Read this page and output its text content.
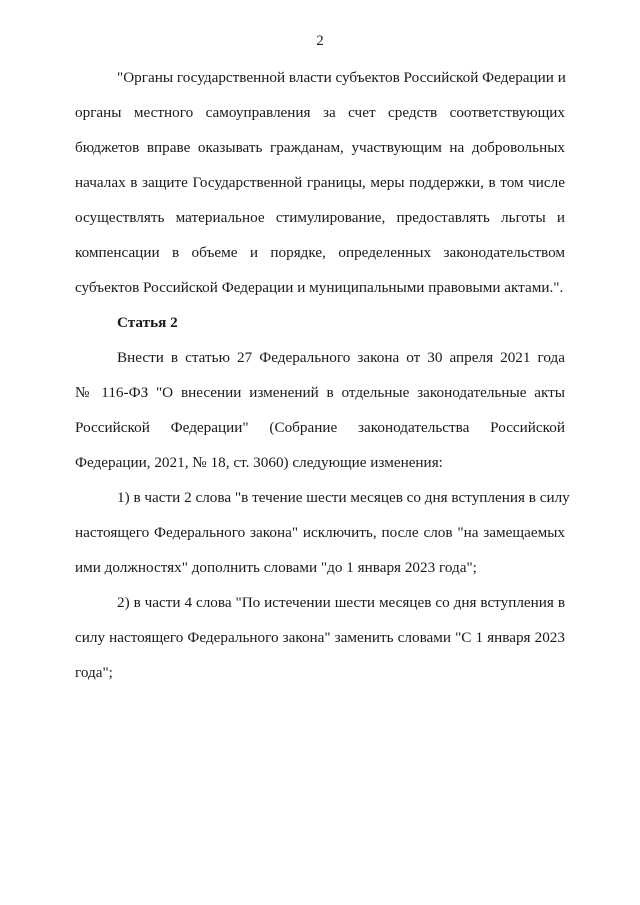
2
"Органы государственной власти субъектов Российской Федерации и
органы местного самоуправления за счет средств соответствующих
бюджетов вправе оказывать гражданам, участвующим на добровольных
началах в защите Государственной границы, меры поддержки, в том числе
осуществлять материальное стимулирование, предоставлять льготы и
компенсации в объеме и порядке, определенных законодательством
субъектов Российской Федерации и муниципальными правовыми актами.".
Статья 2
Внести в статью 27 Федерального закона от 30 апреля 2021 года
№ 116-ФЗ "О внесении изменений в отдельные законодательные акты
Российской Федерации" (Собрание законодательства Российской
Федерации, 2021, № 18, ст. 3060) следующие изменения:
1) в части 2 слова "в течение шести месяцев со дня вступления в силу
настоящего Федерального закона" исключить, после слов "на замещаемых
ими должностях" дополнить словами "до 1 января 2023 года";
2) в части 4 слова "По истечении шести месяцев со дня вступления в
силу настоящего Федерального закона" заменить словами "С 1 января 2023
года";
